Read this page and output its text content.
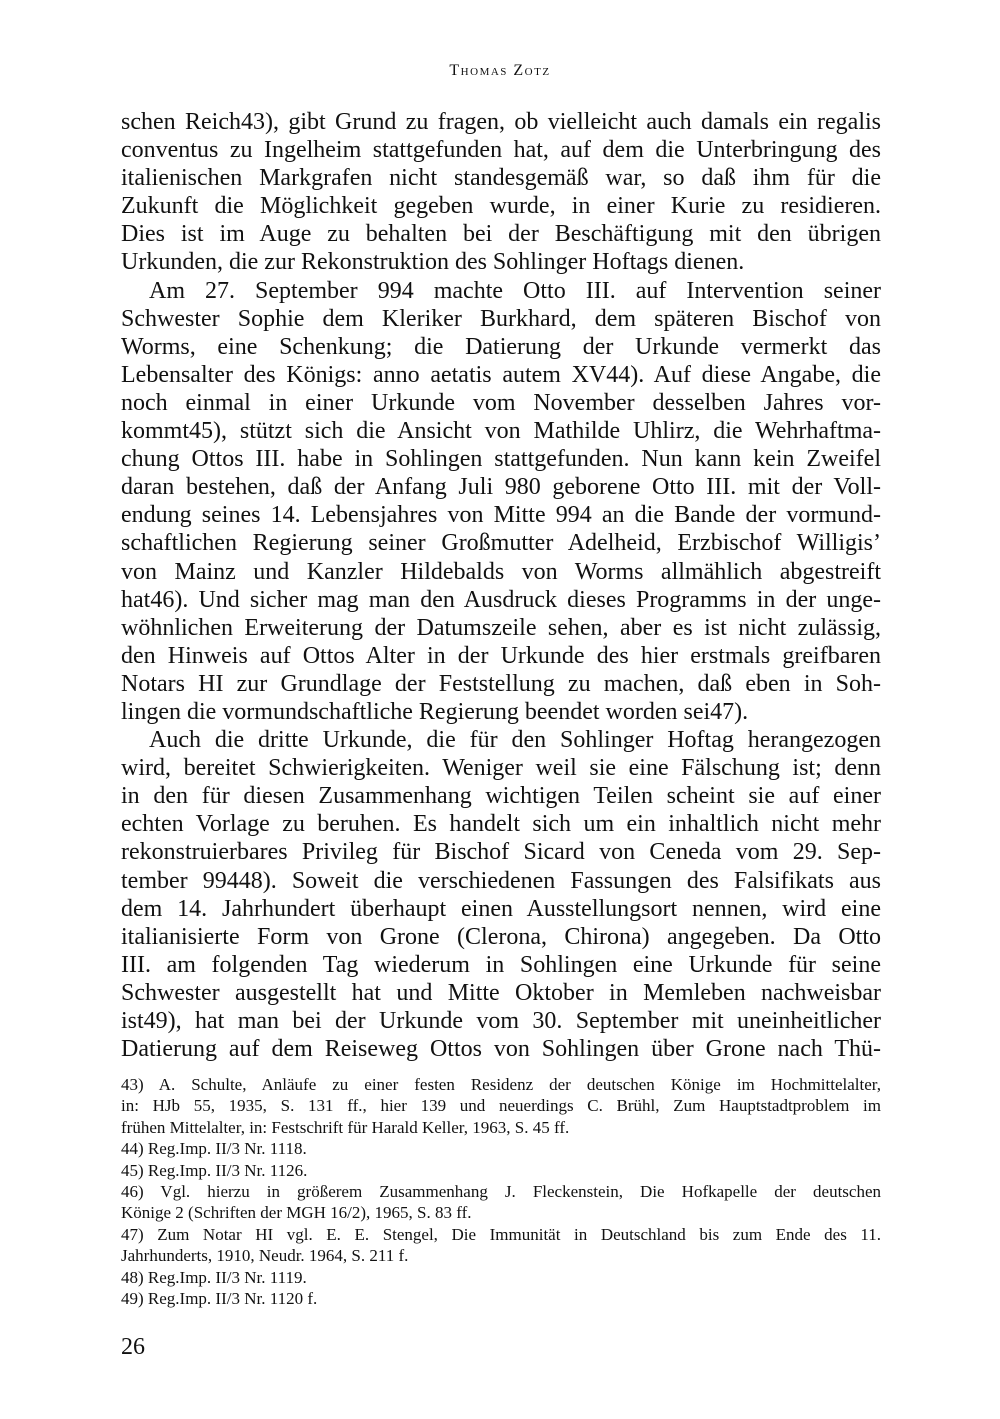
Thomas Zotz
schen Reich43), gibt Grund zu fragen, ob vielleicht auch damals ein regalis
conventus zu Ingelheim stattgefunden hat, auf dem die Unterbringung des
italienischen Markgrafen nicht standesgemäß war, so daß ihm für die
Zukunft die Möglichkeit gegeben wurde, in einer Kurie zu residieren.
Dies ist im Auge zu behalten bei der Beschäftigung mit den übrigen
Urkunden, die zur Rekonstruktion des Sohlinger Hoftags dienen.
Am 27. September 994 machte Otto III. auf Intervention seiner
Schwester Sophie dem Kleriker Burkhard, dem späteren Bischof von
Worms, eine Schenkung; die Datierung der Urkunde vermerkt das
Lebensalter des Königs: anno aetatis autem XV44). Auf diese Angabe, die
noch einmal in einer Urkunde vom November desselben Jahres vor-
kommt45), stützt sich die Ansicht von Mathilde Uhlirz, die Wehrhaftma-
chung Ottos III. habe in Sohlingen stattgefunden. Nun kann kein Zweifel
daran bestehen, daß der Anfang Juli 980 geborene Otto III. mit der Voll-
endung seines 14. Lebensjahres von Mitte 994 an die Bande der vormund-
schaftlichen Regierung seiner Großmutter Adelheid, Erzbischof Willigis’
von Mainz und Kanzler Hildebalds von Worms allmählich abgestreift
hat46). Und sicher mag man den Ausdruck dieses Programms in der unge-
wöhnlichen Erweiterung der Datumszeile sehen, aber es ist nicht zulässig,
den Hinweis auf Ottos Alter in der Urkunde des hier erstmals greifbaren
Notars HI zur Grundlage der Feststellung zu machen, daß eben in Soh-
lingen die vormundschaftliche Regierung beendet worden sei47).
Auch die dritte Urkunde, die für den Sohlinger Hoftag herangezogen
wird, bereitet Schwierigkeiten. Weniger weil sie eine Fälschung ist; denn
in den für diesen Zusammenhang wichtigen Teilen scheint sie auf einer
echten Vorlage zu beruhen. Es handelt sich um ein inhaltlich nicht mehr
rekonstruierbares Privileg für Bischof Sicard von Ceneda vom 29. Sep-
tember 99448). Soweit die verschiedenen Fassungen des Falsifikats aus
dem 14. Jahrhundert überhaupt einen Ausstellungsort nennen, wird eine
italianisierte Form von Grone (Clerona, Chirona) angegeben. Da Otto
III. am folgenden Tag wiederum in Sohlingen eine Urkunde für seine
Schwester ausgestellt hat und Mitte Oktober in Memleben nachweisbar
ist49), hat man bei der Urkunde vom 30. September mit uneinheitlicher
Datierung auf dem Reiseweg Ottos von Sohlingen über Grone nach Thü-
43) A. Schulte, Anläufe zu einer festen Residenz der deutschen Könige im Hochmittelalter,
in: HJb 55, 1935, S. 131 ff., hier 139 und neuerdings C. Brühl, Zum Hauptstadtproblem im
frühen Mittelalter, in: Festschrift für Harald Keller, 1963, S. 45 ff.
44) Reg.Imp. II/3 Nr. 1118.
45) Reg.Imp. II/3 Nr. 1126.
46) Vgl. hierzu in größerem Zusammenhang J. Fleckenstein, Die Hofkapelle der deutschen
Könige 2 (Schriften der MGH 16/2), 1965, S. 83 ff.
47) Zum Notar HI vgl. E. E. Stengel, Die Immunität in Deutschland bis zum Ende des 11.
Jahrhunderts, 1910, Neudr. 1964, S. 211 f.
48) Reg.Imp. II/3 Nr. 1119.
49) Reg.Imp. II/3 Nr. 1120 f.
26
